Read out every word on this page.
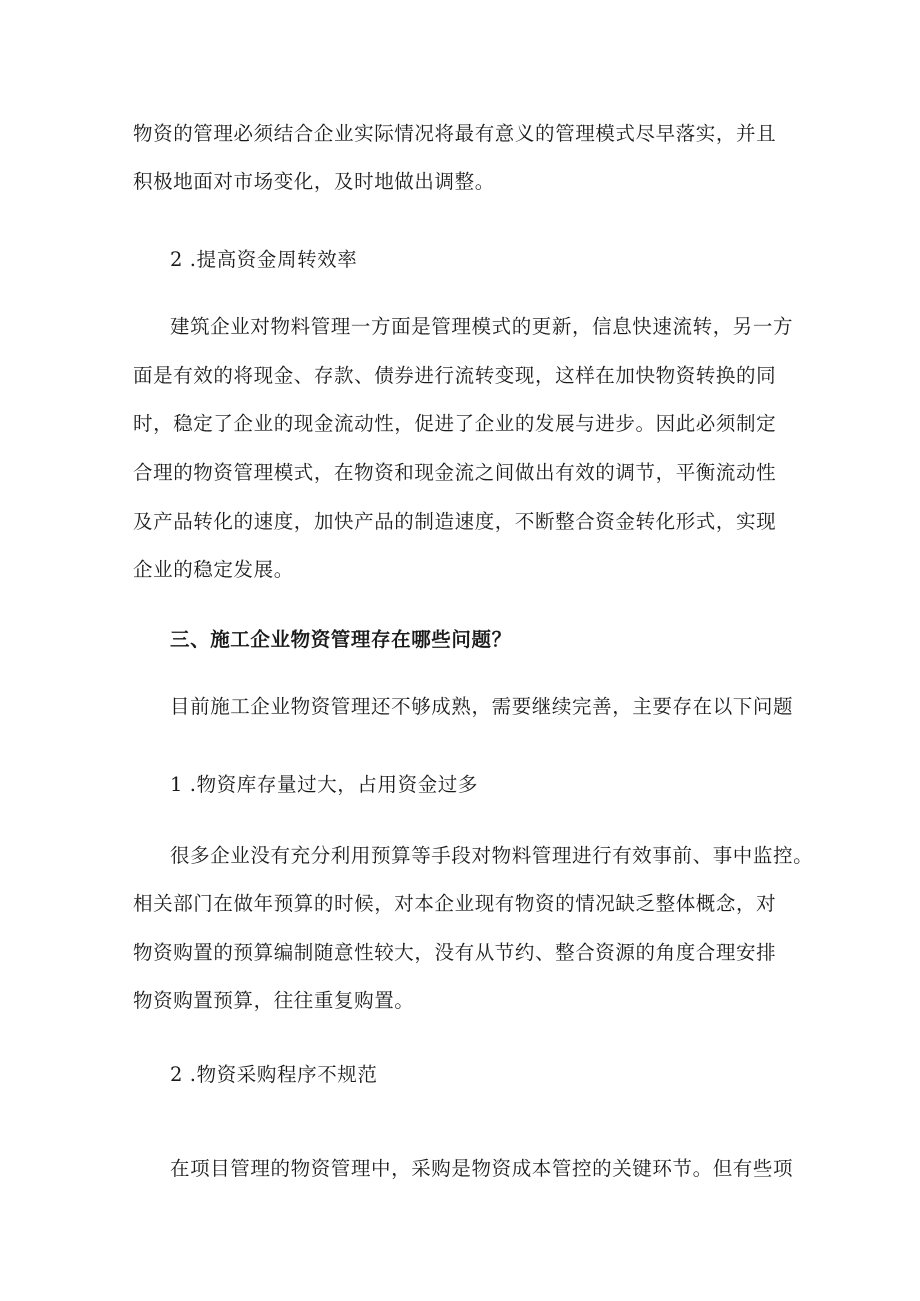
物资的管理必须结合企业实际情况将最有意义的管理模式尽早落实，并且
积极地面对市场变化，及时地做出调整。
2 .提高资金周转效率
建筑企业对物料管理一方面是管理模式的更新，信息快速流转，另一方
面是有效的将现金、存款、债券进行流转变现，这样在加快物资转换的同
时，稳定了企业的现金流动性，促进了企业的发展与进步。因此必须制定
合理的物资管理模式，在物资和现金流之间做出有效的调节，平衡流动性
及产品转化的速度，加快产品的制造速度，不断整合资金转化形式，实现
企业的稳定发展。
三、施工企业物资管理存在哪些问题？
目前施工企业物资管理还不够成熟，需要继续完善，主要存在以下问题
1 .物资库存量过大，占用资金过多
很多企业没有充分利用预算等手段对物料管理进行有效事前、事中监控。
相关部门在做年预算的时候，对本企业现有物资的情况缺乏整体概念，对
物资购置的预算编制随意性较大，没有从节约、整合资源的角度合理安排
物资购置预算，往往重复购置。
2 .物资采购程序不规范
在项目管理的物资管理中，采购是物资成本管控的关键环节。但有些项
